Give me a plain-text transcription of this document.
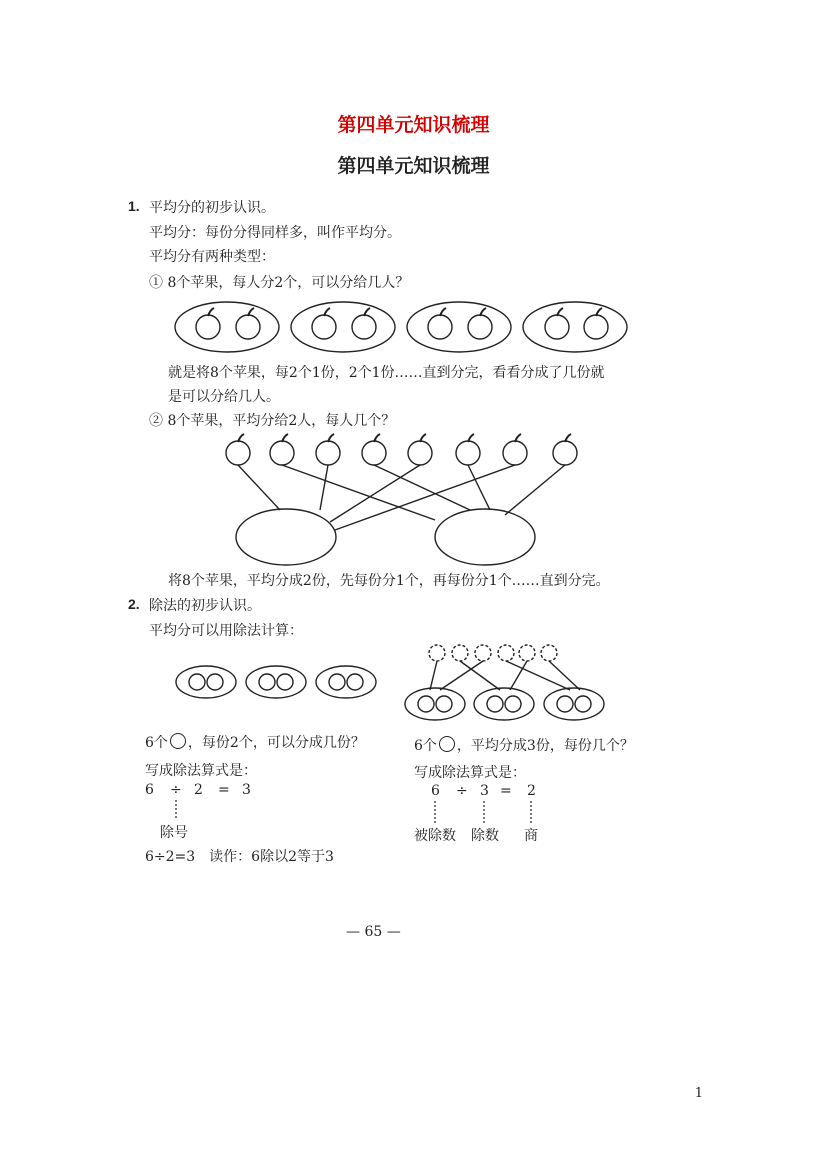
第四单元知识梳理
第四单元知识梳理
1. 平均分的初步认识。
平均分：每份分得同样多，叫作平均分。
平均分有两种类型：
① 8个苹果，每人分2个，可以分给几人？
就是将8个苹果，每2个1份，2个1份……直到分完，看看分成了几份就
是可以分给几人。
② 8个苹果，平均分给2人，每人几个？
将8个苹果，平均分成2份，先每份分1个，再每份分1个……直到分完。
2. 除法的初步认识。
平均分可以用除法计算：
6个 ，每份2个，可以分成几份？
写成除法算式是：
6 ÷ 2 = 3
除号
6÷2=3　读作：6除以2等于3
6个 ，平均分成3份，每份几个？
写成除法算式是：
6 ÷ 3 = 2
被除数 除数 商
— 65 —
1
